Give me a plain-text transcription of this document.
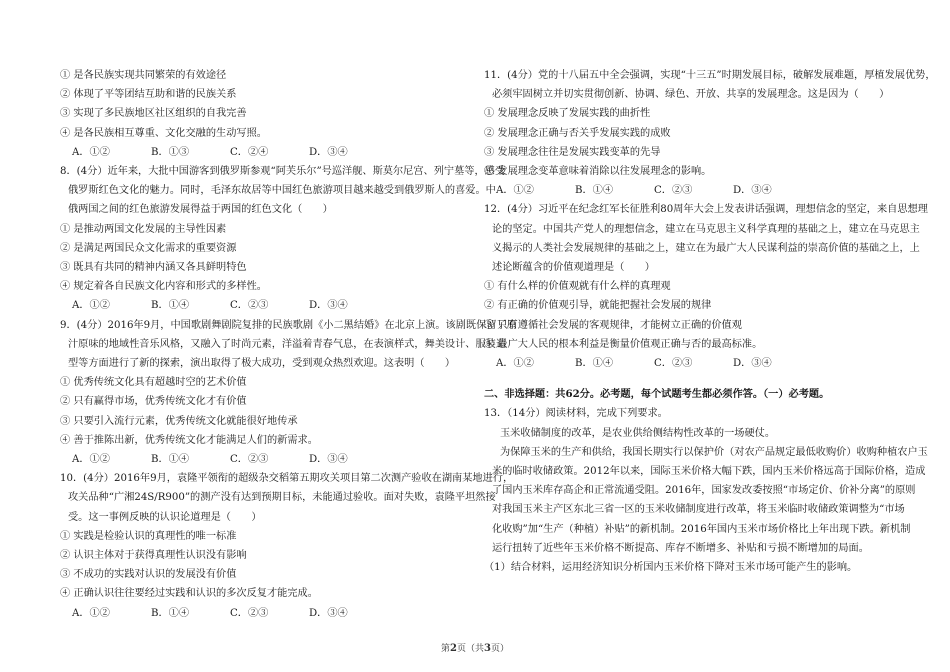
① 是各民族实现共同繁荣的有效途径
② 体现了平等团结互助和谐的民族关系
③ 实现了多民族地区社区组织的自我完善
④ 是各民族相互尊重、文化交融的生动写照。
A．①②	B．①③	C．②④	D．③④
8．(4分）近年来，大批中国游客到俄罗斯参观“阿芙乐尔”号巡洋舰、斯莫尔尼宫、列宁墓等，感受
俄罗斯红色文化的魅力。同时，毛泽东故居等中国红色旅游项目越来越受到俄罗斯人的喜爱。中
俄两国之间的红色旅游发展得益于两国的红色文化（　　）
① 是推动两国文化发展的主导性因素
② 是满足两国民众文化需求的重要资源
③ 既具有共同的精神内涵又各具鲜明特色
④ 规定着各自民族文化内容和形式的多样性。
A．①②	B．①④	C．②③	D．③④
9．(4分）2016年9月，中国歌剧舞剧院复排的民族歌剧《小二黑结婚》在北京上演。该剧既保留了原
汁原味的地域性音乐风格，又融入了时尚元素，洋溢着青春气息，在表演样式，舞美设计、服装造
型等方面进行了新的探索，演出取得了极大成功，受到观众热烈欢迎。这表明（　　）
① 优秀传统文化具有超越时空的艺术价值
② 只有赢得市场，优秀传统文化才有价值
③ 只要引入流行元素，优秀传统文化就能很好地传承
④ 善于推陈出新，优秀传统文化才能满足人们的新需求。
A．①②	B．①④	C．②③	D．③④
10．(4分）2016年9月，袁隆平领衔的超级杂交稻第五期攻关项目第二次测产验收在湖南某地进行，
攻关品种“广湘24S/R900”的测产没有达到预期目标，未能通过验收。面对失败，袁隆平坦然接
受。这一事例反映的认识论道理是（　　）
① 实践是检验认识的真理性的唯一标准
② 认识主体对于获得真理性认识没有影响
③ 不成功的实践对认识的发展没有价值
④ 正确认识往往要经过实践和认识的多次反复才能完成。
A．①②	B．①④	C．②③	D．③④
11．(4分）党的十八届五中全会强调，实现“十三五”时期发展目标，破解发展难题，厚植发展优势，
必须牢固树立并切实贯彻创新、协调、绿色、开放、共享的发展理念。这是因为（　　）
① 发展理念反映了发展实践的曲折性
② 发展理念正确与否关乎发展实践的成败
③ 发展理念往往是发展实践变革的先导
④ 发展理念变革意味着消除以往发展理念的影响。
A．①②	B．①④	C．②③	D．③④
12．(4分）习近平在纪念红军长征胜利80周年大会上发表讲话强调，理想信念的坚定，来自思想理
论的坚定。中国共产党人的理想信念，建立在马克思主义科学真理的基础之上，建立在马克思主
义揭示的人类社会发展规律的基础之上，建立在为最广大人民谋利益的崇高价值的基础之上，上
述论断蕴含的价值观道理是（　　）
① 有什么样的价值观就有什么样的真理观
② 有正确的价值观引导，就能把握社会发展的规律
③ 只有遵循社会发展的客观规律，才能树立正确的价值观
④ 最广大人民的根本利益是衡量价值观正确与否的最高标准。
A．①②	B．①④	C．②③	D．③④
二、非选择题：共62分。必考题，每个试题考生都必须作答。（一）必考题。
13．（14分）阅读材料，完成下列要求。
玉米收储制度的改革，是农业供给侧结构性改革的一场硬仗。
为保障玉米的生产和供给，我国长期实行以保护价（对农产品规定最低收购价）收购种植农户玉
米的临时收储政策。2012年以来，国际玉米价格大幅下跌，国内玉米价格远高于国际价格，造成
了国内玉米库存高企和正常流通受阻。2016年，国家发改委按照“市场定价、价补分离”的原则
对我国玉米主产区东北三省一区的玉米收储制度进行改革，将玉米临时收储政策调整为“市场
化收购”加“生产（种植）补贴”的新机制。2016年国内玉米市场价格比上年出现下跌。新机制
运行扭转了近些年玉米价格不断提高、库存不断增多、补贴和亏损不断增加的局面。
（1）结合材料，运用经济知识分析国内玉米价格下降对玉米市场可能产生的影响。
第2页（共3页）
